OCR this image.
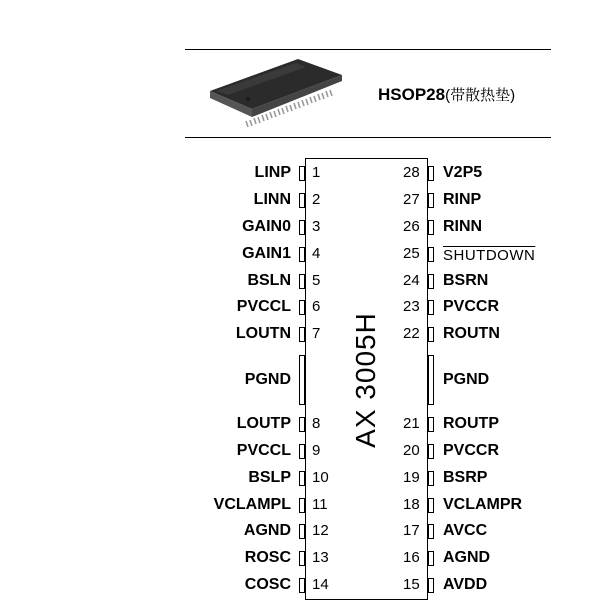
HSOP28(带散热垫)
AX 3005H
LINP 1
LINN 2
GAIN0 3
GAIN1 4
BSLN 5
PVCCL 6
LOUTN 7
PGND
LOUTP 8
PVCCL 9
BSLP 10
VCLAMPL 11
AGND 12
ROSC 13
COSC 14
V2P5
28
RINP
27
RINN
26
SHUTDOWN
25
BSRN
24
PVCCR
23
ROUTN
22
PGND
ROUTP
21
PVCCR
20
BSRP
19
VCLAMPR
18
AVCC
17
AGND
16
AVDD
15
